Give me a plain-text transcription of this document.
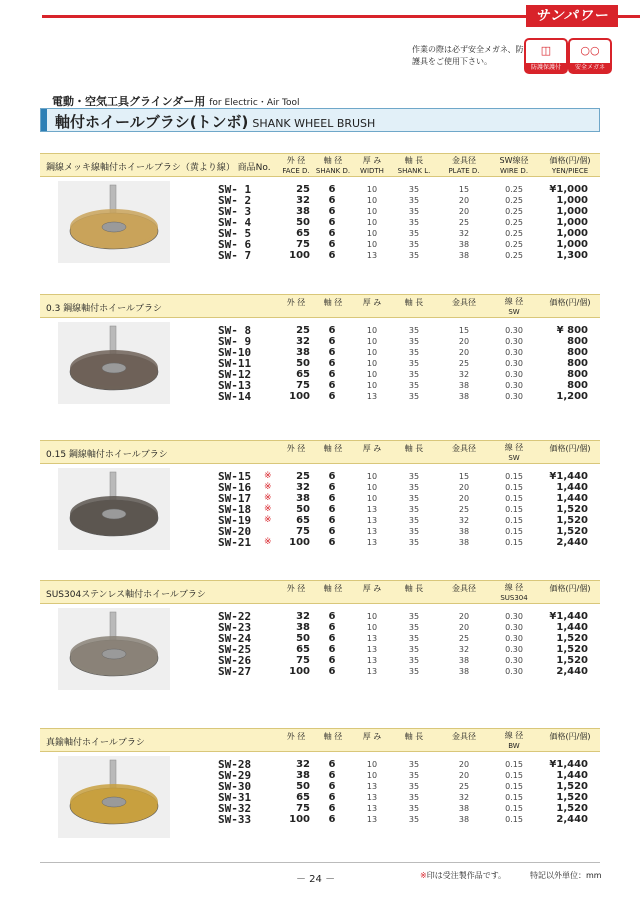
サンパワー
作業の際は必ず安全メガネ、防護具をご使用下さい。
◫
防護保護付
○○
安全メガネ
電動・空気工具グラインダー用 for Electric・Air Tool
軸付ホイールブラシ(トンボ) SHANK WHEEL BRUSH
鋼線メッキ線軸付ホイールブラシ（黄より線） 商品No.
外 径
FACE D.
軸 径
SHANK D.
厚 み
WIDTH
軸 長
SHANK L.
金具径
PLATE D.
SW線径
WIRE D.
価格(円/個)
YEN/PIECE
SW- 1	25	6	10	35	15	0.25	¥1,000
SW- 2	32	6	10	35	20	0.25	1,000
SW- 3	38	6	10	35	20	0.25	1,000
SW- 4	50	6	10	35	25	0.25	1,000
SW- 5	65	6	10	35	32	0.25	1,000
SW- 6	75	6	10	35	38	0.25	1,000
SW- 7	100	6	13	35	38	0.25	1,300
0.3 鋼線軸付ホイールブラシ
外 径	軸 径	厚 み	軸 長	金具径	線 径
SW
価格(円/個)
SW- 8	25	6	10	35	15	0.30	¥ 800
SW- 9	32	6	10	35	20	0.30	800
SW-10	38	6	10	35	20	0.30	800
SW-11	50	6	10	35	25	0.30	800
SW-12	65	6	10	35	32	0.30	800
SW-13	75	6	10	35	38	0.30	800
SW-14	100	6	13	35	38	0.30	1,200
0.15 鋼線軸付ホイールブラシ
外 径	軸 径	厚 み	軸 長	金具径	線 径
SW
価格(円/個)
SW-15 ※	25	6	10	35	15	0.15	¥1,440
SW-16 ※	32	6	10	35	20	0.15	1,440
SW-17 ※	38	6	10	35	20	0.15	1,440
SW-18 ※	50	6	13	35	25	0.15	1,520
SW-19 ※	65	6	13	35	32	0.15	1,520
SW-20	75	6	13	35	38	0.15	1,520
SW-21 ※	100	6	13	35	38	0.15	2,440
SUS304ステンレス軸付ホイールブラシ
外 径	軸 径	厚 み	軸 長	金具径	線 径
SUS304
価格(円/個)
SW-22	32	6	10	35	20	0.30	¥1,440
SW-23	38	6	10	35	20	0.30	1,440
SW-24	50	6	13	35	25	0.30	1,520
SW-25	65	6	13	35	32	0.30	1,520
SW-26	75	6	13	35	38	0.30	1,520
SW-27	100	6	13	35	38	0.30	2,440
真鍮軸付ホイールブラシ
外 径	軸 径	厚 み	軸 長	金具径	線 径
BW
価格(円/個)
SW-28	32	6	10	35	20	0.15	¥1,440
SW-29	38	6	10	35	20	0.15	1,440
SW-30	50	6	13	35	25	0.15	1,520
SW-31	65	6	13	35	32	0.15	1,520
SW-32	75	6	13	35	38	0.15	1,520
SW-33	100	6	13	35	38	0.15	2,440
－ 24 －	※印は受注製作品です。	特記以外単位：mm
